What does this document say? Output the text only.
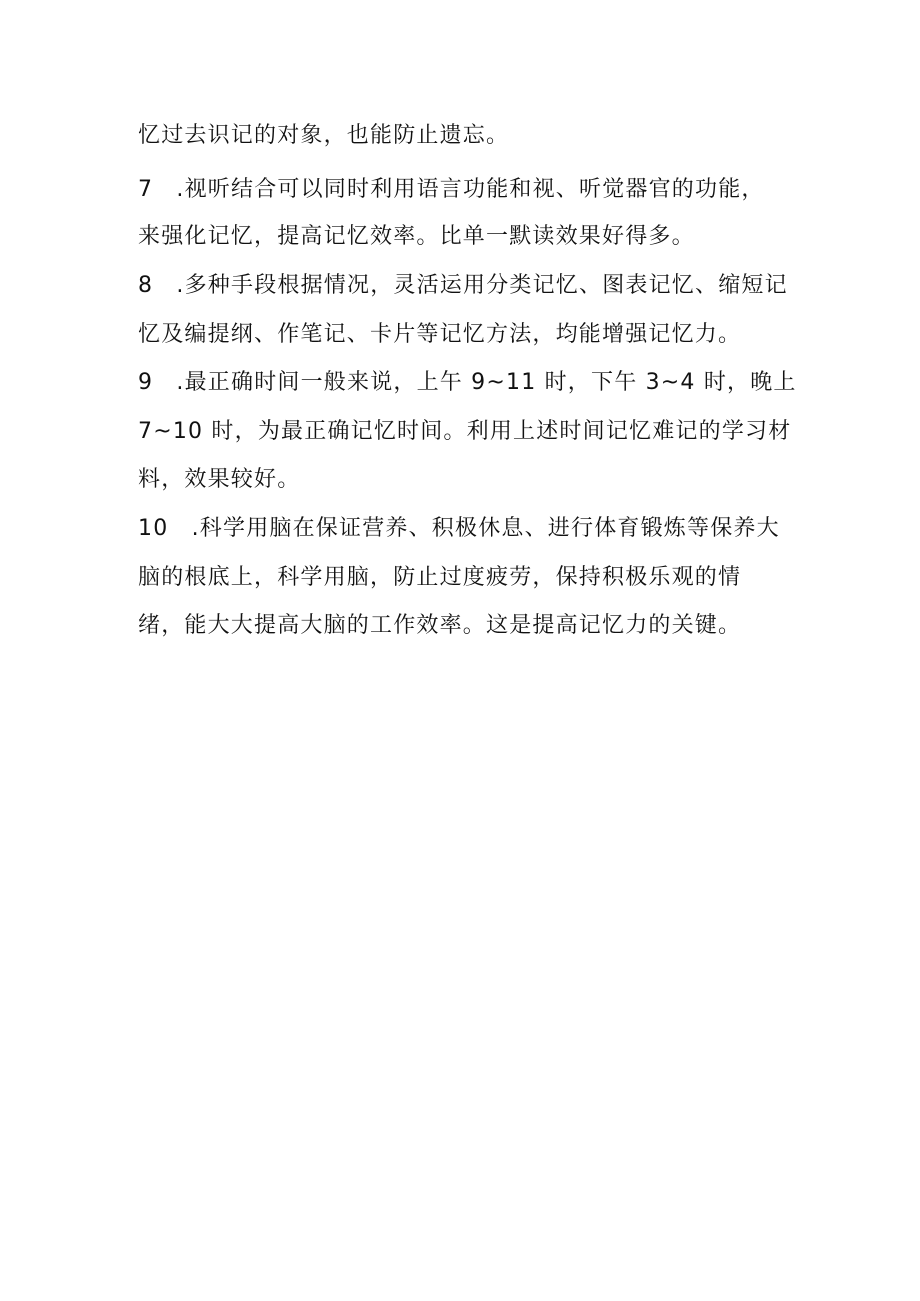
忆过去识记的对象，也能防止遗忘。
7　.视听结合可以同时利用语言功能和视、听觉器官的功能，
来强化记忆，提高记忆效率。比单一默读效果好得多。
8　.多种手段根据情况，灵活运用分类记忆、图表记忆、缩短记
忆及编提纲、作笔记、卡片等记忆方法，均能增强记忆力。
9　.最正确时间一般来说，上午 9~11 时，下午 3~4 时，晚上
7~10 时，为最正确记忆时间。利用上述时间记忆难记的学习材
料，效果较好。
10　.科学用脑在保证营养、积极休息、进行体育锻炼等保养大
脑的根底上，科学用脑，防止过度疲劳，保持积极乐观的情
绪，能大大提高大脑的工作效率。这是提高记忆力的关键。
